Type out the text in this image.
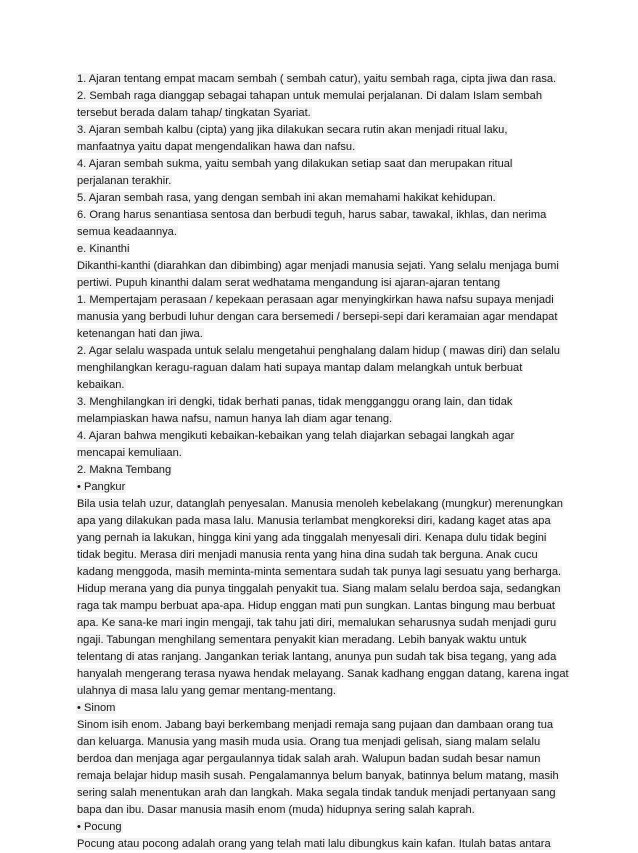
1. Ajaran tentang empat macam sembah ( sembah catur), yaitu sembah raga, cipta jiwa dan rasa.
2. Sembah raga dianggap sebagai tahapan untuk memulai perjalanan. Di dalam Islam sembah
tersebut berada dalam tahap/ tingkatan Syariat.
3. Ajaran sembah kalbu (cipta) yang jika dilakukan secara rutin akan menjadi ritual laku,
manfaatnya yaitu dapat mengendalikan hawa dan nafsu.
4. Ajaran sembah sukma, yaitu sembah yang dilakukan setiap saat dan merupakan ritual
perjalanan terakhir.
5. Ajaran sembah rasa, yang dengan sembah ini akan memahami hakikat kehidupan.
6. Orang harus senantiasa sentosa dan berbudi teguh, harus sabar, tawakal, ikhlas, dan nerima
semua keadaannya.
e. Kinanthi
Dikanthi-kanthi (diarahkan dan dibimbing) agar menjadi manusia sejati. Yang selalu menjaga bumi
pertiwi. Pupuh kinanthi dalam serat wedhatama mengandung isi ajaran-ajaran tentang
1. Mempertajam perasaan / kepekaan perasaan agar menyingkirkan hawa nafsu supaya menjadi
manusia yang berbudi luhur dengan cara bersemedi / bersepi-sepi dari keramaian agar mendapat
ketenangan hati dan jiwa.
2. Agar selalu waspada untuk selalu mengetahui penghalang dalam hidup ( mawas diri) dan selalu
menghilangkan keragu-raguan dalam hati supaya mantap dalam melangkah untuk berbuat
kebaikan.
3. Menghilangkan iri dengki, tidak berhati panas, tidak mengganggu orang lain, dan tidak
melampiaskan hawa nafsu, namun hanya lah diam agar tenang.
4. Ajaran bahwa mengikuti kebaikan-kebaikan yang telah diajarkan sebagai langkah agar
mencapai kemuliaan.
2. Makna Tembang
• Pangkur
Bila usia telah uzur, datanglah penyesalan. Manusia menoleh kebelakang (mungkur) merenungkan
apa yang dilakukan pada masa lalu. Manusia terlambat mengkoreksi diri, kadang kaget atas apa
yang pernah ia lakukan, hingga kini yang ada tinggalah menyesali diri. Kenapa dulu tidak begini
tidak begitu. Merasa diri menjadi manusia renta yang hina dina sudah tak berguna. Anak cucu
kadang menggoda, masih meminta-minta sementara sudah tak punya lagi sesuatu yang berharga.
Hidup merana yang dia punya tinggalah penyakit tua. Siang malam selalu berdoa saja, sedangkan
raga tak mampu berbuat apa-apa. Hidup enggan mati pun sungkan. Lantas bingung mau berbuat
apa. Ke sana-ke mari ingin mengaji, tak tahu jati diri, memalukan seharusnya sudah menjadi guru
ngaji. Tabungan menghilang sementara penyakit kian meradang. Lebih banyak waktu untuk
telentang di atas ranjang. Jangankan teriak lantang, anunya pun sudah tak bisa tegang, yang ada
hanyalah mengerang terasa nyawa hendak melayang. Sanak kadhang enggan datang, karena ingat
ulahnya di masa lalu yang gemar mentang-mentang.
• Sinom
Sinom isih enom. Jabang bayi berkembang menjadi remaja sang pujaan dan dambaan orang tua
dan keluarga. Manusia yang masih muda usia. Orang tua menjadi gelisah, siang malam selalu
berdoa dan menjaga agar pergaulannya tidak salah arah. Walupun badan sudah besar namun
remaja belajar hidup masih susah. Pengalamannya belum banyak, batinnya belum matang, masih
sering salah menentukan arah dan langkah. Maka segala tindak tanduk menjadi pertanyaan sang
bapa dan ibu. Dasar manusia masih enom (muda) hidupnya sering salah kaprah.
• Pocung
Pocung atau pocong adalah orang yang telah mati lalu dibungkus kain kafan. Itulah batas antara
